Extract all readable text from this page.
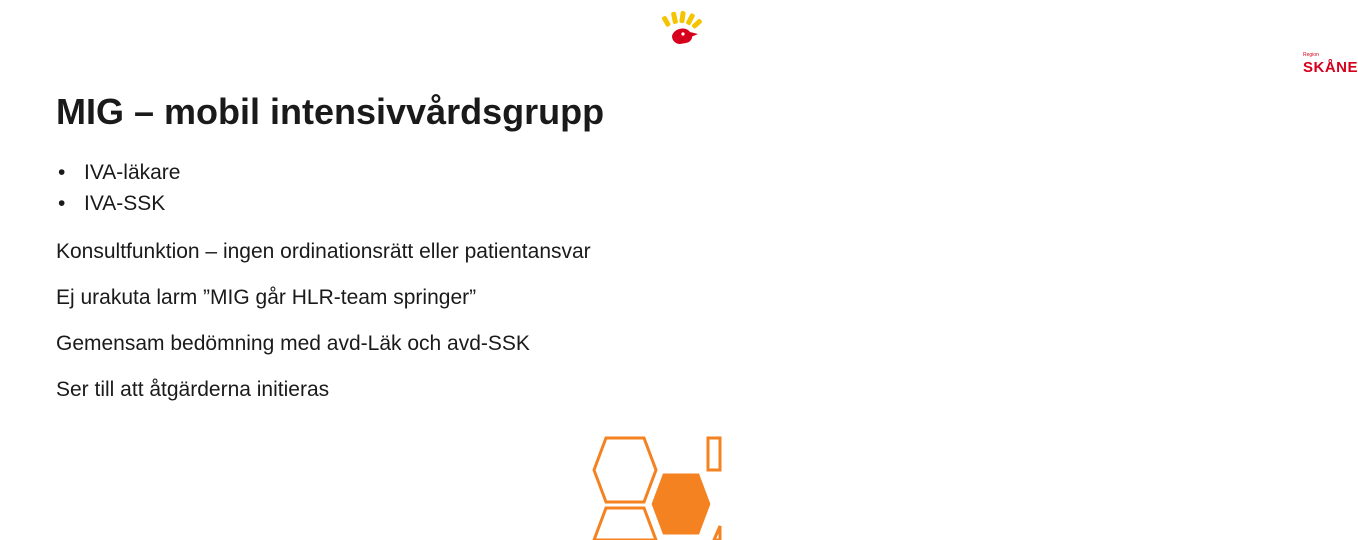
Region
SKÅNE
MIG – mobil intensivvårdsgrupp
• IVA-läkare
• IVA-SSK
Konsultfunktion – ingen ordinationsrätt eller patientansvar
Ej urakuta larm ”MIG går HLR-team springer”
Gemensam bedömning med avd-Läk och avd-SSK
Ser till att åtgärderna initieras
